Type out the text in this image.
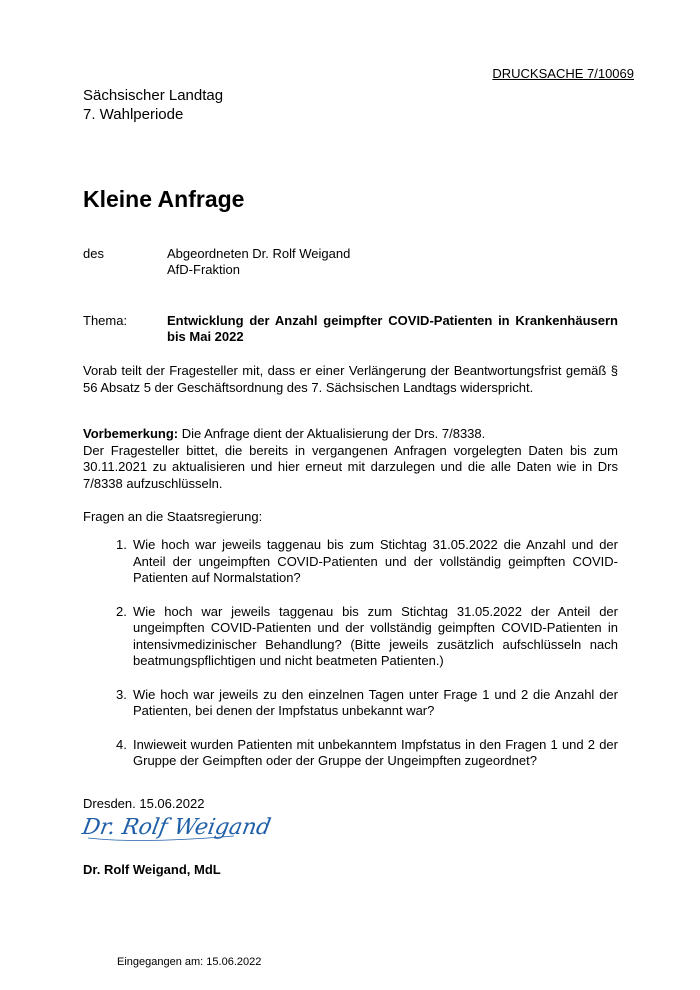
DRUCKSACHE 7/10069
Sächsischer Landtag
7. Wahlperiode
Kleine Anfrage
des	Abgeordneten Dr. Rolf Weigand
AfD-Fraktion
Thema:	Entwicklung der Anzahl geimpfter COVID-Patienten in Krankenhäusern bis Mai 2022
Vorab teilt der Fragesteller mit, dass er einer Verlängerung der Beantwortungsfrist gemäß § 56 Absatz 5 der Geschäftsordnung des 7. Sächsischen Landtags widerspricht.
Vorbemerkung: Die Anfrage dient der Aktualisierung der Drs. 7/8338.
Der Fragesteller bittet, die bereits in vergangenen Anfragen vorgelegten Daten bis zum 30.11.2021 zu aktualisieren und hier erneut mit darzulegen und die alle Daten wie in Drs 7/8338 aufzuschlüsseln.
Fragen an die Staatsregierung:
1. Wie hoch war jeweils taggenau bis zum Stichtag 31.05.2022 die Anzahl und der Anteil der ungeimpften COVID-Patienten und der vollständig geimpften COVID-Patienten auf Normalstation?
2. Wie hoch war jeweils taggenau bis zum Stichtag 31.05.2022 der Anteil der ungeimpften COVID-Patienten und der vollständig geimpften COVID-Patienten in intensivmedizinischer Behandlung? (Bitte jeweils zusätzlich aufschlüsseln nach beatmungspflichtigen und nicht beatmeten Patienten.)
3. Wie hoch war jeweils zu den einzelnen Tagen unter Frage 1 und 2 die Anzahl der Patienten, bei denen der Impfstatus unbekannt war?
4. Inwieweit wurden Patienten mit unbekanntem Impfstatus in den Fragen 1 und 2 der Gruppe der Geimpften oder der Gruppe der Ungeimpften zugeordnet?
Dresden. 15.06.2022
Dr. Rolf Weigand
Dr. Rolf Weigand, MdL
Eingegangen am: 15.06.2022
